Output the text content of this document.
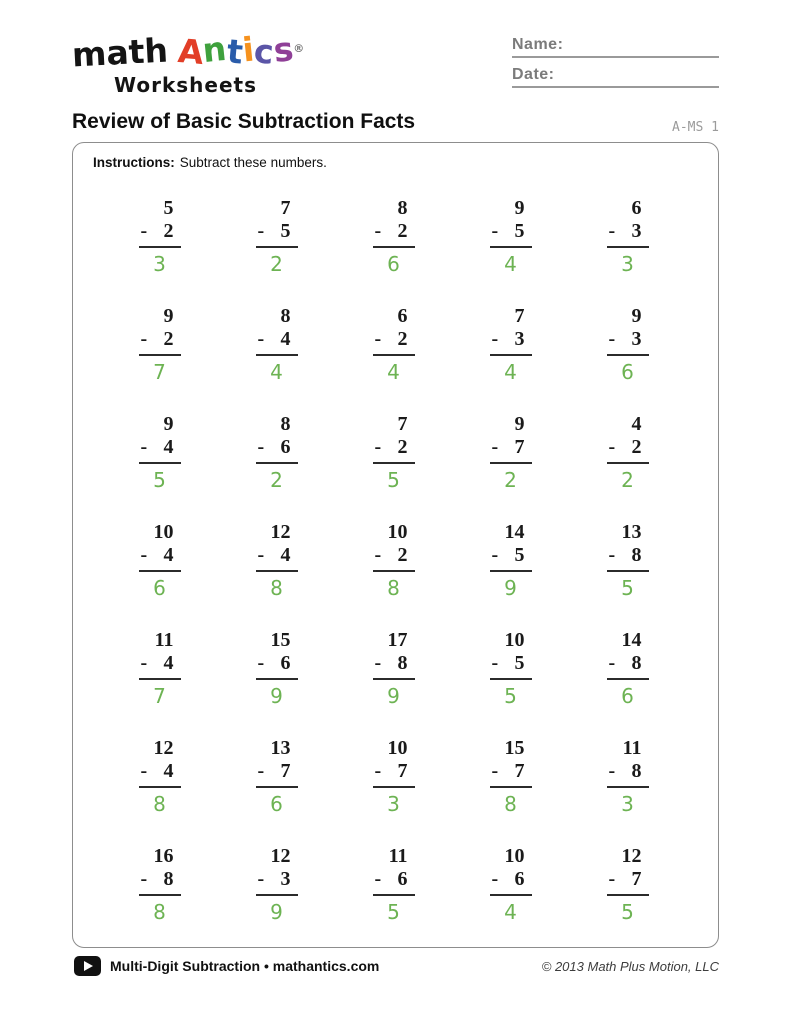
math Antics®
Worksheets
Name:
Date:
Review of Basic Subtraction Facts	A-MS 1

Instructions: Subtract these numbers.

5
- 2
3
7
- 5
2
8
- 2
6
9
- 5
4
6
- 3
3
9
- 2
7
8
- 4
4
6
- 2
4
7
- 3
4
9
- 3
6
9
- 4
5
8
- 6
2
7
- 2
5
9
- 7
2
4
- 2
2
10
- 4
6
12
- 4
8
10
- 2
8
14
- 5
9
13
- 8
5
11
- 4
7
15
- 6
9
17
- 8
9
10
- 5
5
14
- 8
6
12
- 4
8
13
- 7
6
10
- 7
3
15
- 7
8
11
- 8
3
16
- 8
8
12
- 3
9
11
- 6
5
10
- 6
4
12
- 7
5
Multi-Digit Subtraction • mathantics.com	© 2013 Math Plus Motion, LLC
